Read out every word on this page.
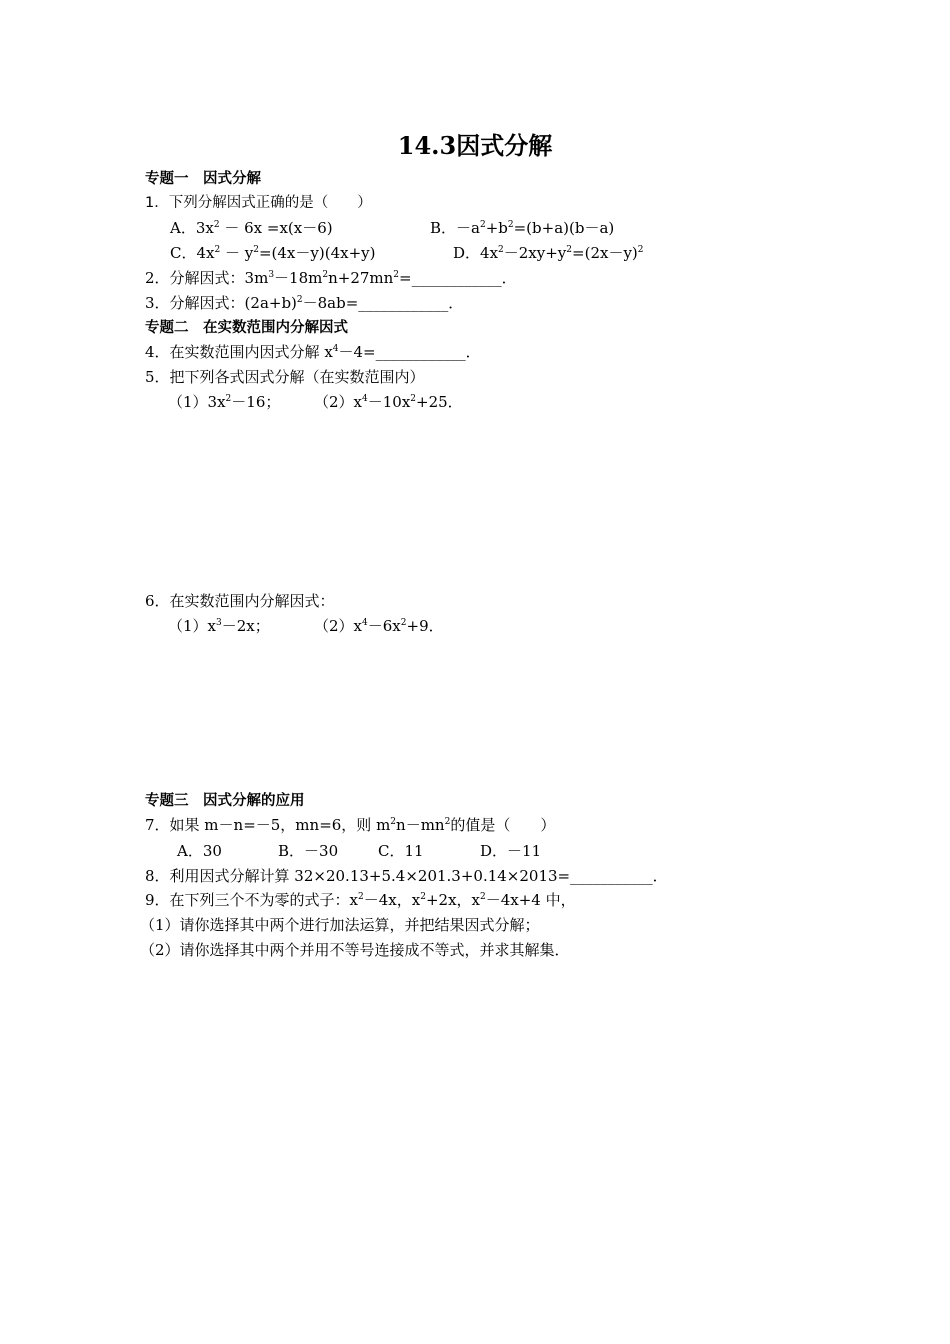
14.3因式分解
专题一　因式分解
1．下列分解因式正确的是（　　）
A．$3x^2 - 6x =x(x-6)$	B．$-a^2+b^2=(b+a)(b-a)$
C．$4x^2 - y^2=(4x-y)(4x+y)$	D．$4x^2-2xy+y^2=(2x-y)^2$
2．分解因式：$3m^3-18m^2n+27mn^2=\_\_\_\_\_\_\_\_\_\_\_\_$．
3．分解因式：$(2a+b)^2-8ab=\_\_\_\_\_\_\_\_\_\_\_\_$．
专题二　在实数范围内分解因式
4．在实数范围内因式分解 $x^4-4=\_\_\_\_\_\_\_\_\_\_\_\_$．
5．把下列各式因式分解（在实数范围内）
$(1)3x^2-16$； $(2)x^4-10x^2+25$．
6．在实数范围内分解因式：
$(1)x^3-2x$；	$(2)x^4-6x^2+9$．
专题三　因式分解的应用
7．如果 m－n=－5，mn=6，则 $m^2n-mn^2$的值是（　　）
A．30	B．－30	C．11	D．－11
8．利用因式分解计算 32×20.13+5.4×201.3+0.14×2013=___________．
9．在下列三个不为零的式子：$x^2-4x$，$x^2+2x$，$x^2-4x+4$ 中，
（1）请你选择其中两个进行加法运算，并把结果因式分解；
（2）请你选择其中两个并用不等号连接成不等式，并求其解集．
